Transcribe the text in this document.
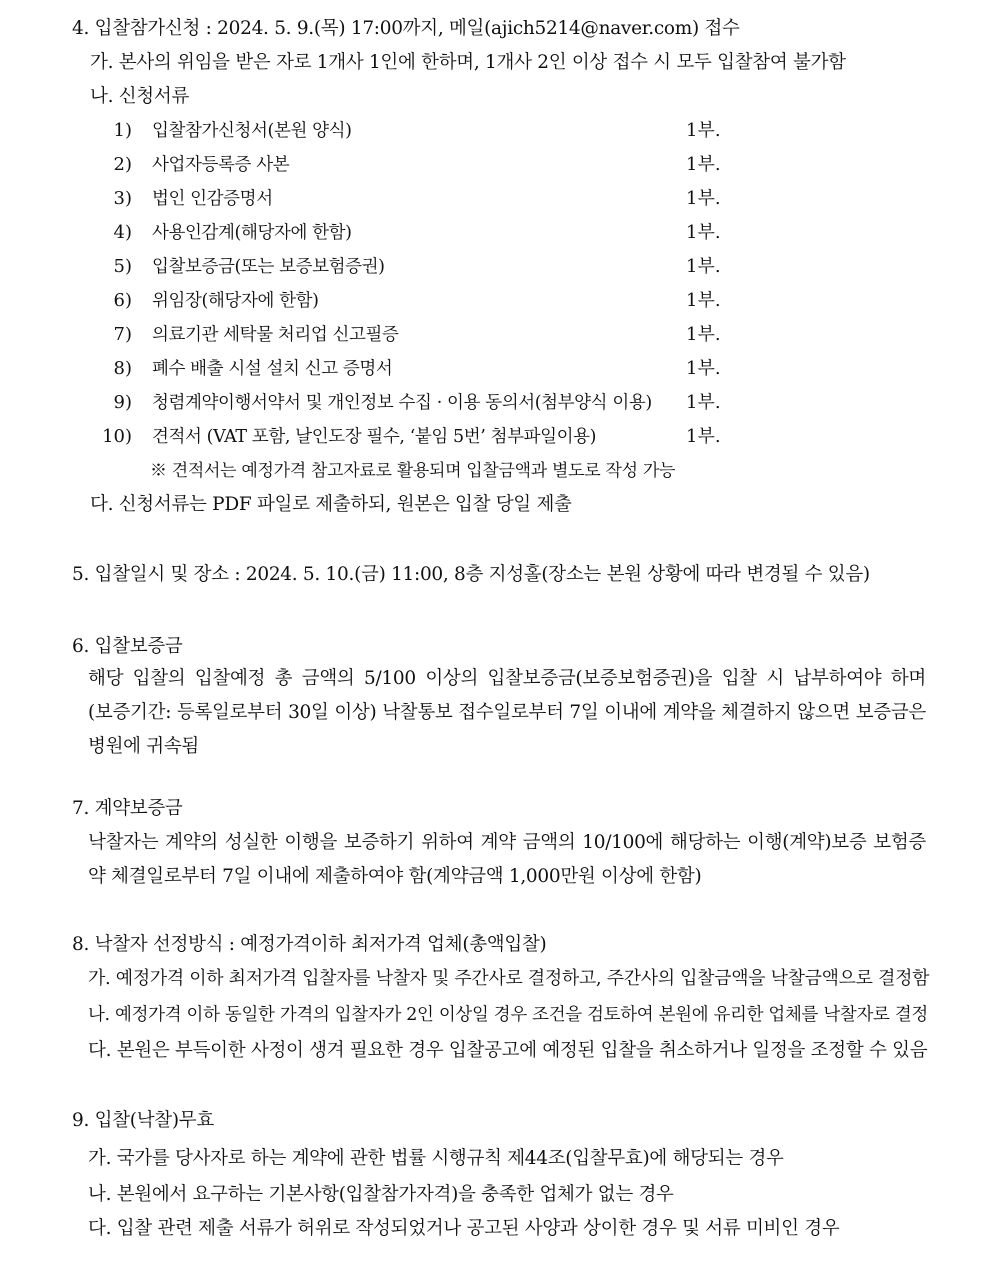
4. 입찰참가신청 : 2024. 5. 9.(목) 17:00까지, 메일(ajich5214@naver.com) 접수
가. 본사의 위임을 받은 자로 1개사 1인에 한하며, 1개사 2인 이상 접수 시 모두 입찰참여 불가함
나. 신청서류
1) 입찰참가신청서(본원 양식)	1부.
2) 사업자등록증 사본	1부.
3) 법인 인감증명서	1부.
4) 사용인감계(해당자에 한함)	1부.
5) 입찰보증금(또는 보증보험증권)	1부.
6) 위임장(해당자에 한함)	1부.
7) 의료기관 세탁물 처리업 신고필증	1부.
8) 폐수 배출 시설 설치 신고 증명서	1부.
9) 청렴계약이행서약서 및 개인정보 수집 · 이용 동의서(첨부양식 이용) 1부.
10) 견적서 (VAT 포함, 날인도장 필수, ‘붙임 5번’ 첨부파일이용)	1부.
※ 견적서는 예정가격 참고자료로 활용되며 입찰금액과 별도로 작성 가능
다. 신청서류는 PDF 파일로 제출하되, 원본은 입찰 당일 제출
5. 입찰일시 및 장소 : 2024. 5. 10.(금) 11:00, 8층 지성홀(장소는 본원 상황에 따라 변경될 수 있음)
6. 입찰보증금
해당 입찰의 입찰예정 총 금액의 5/100 이상의 입찰보증금(보증보험증권)을 입찰 시 납부하여야 하며
(보증기간: 등록일로부터 30일 이상) 낙찰통보 접수일로부터 7일 이내에 계약을 체결하지 않으면 보증금은
병원에 귀속됨
7. 계약보증금
낙찰자는 계약의 성실한 이행을 보증하기 위하여 계약 금액의 10/100에 해당하는 이행(계약)보증 보험증
약 체결일로부터 7일 이내에 제출하여야 함(계약금액 1,000만원 이상에 한함)
8. 낙찰자 선정방식 : 예정가격이하 최저가격 업체(총액입찰)
가. 예정가격 이하 최저가격 입찰자를 낙찰자 및 주간사로 결정하고, 주간사의 입찰금액을 낙찰금액으로 결정함
나. 예정가격 이하 동일한 가격의 입찰자가 2인 이상일 경우 조건을 검토하여 본원에 유리한 업체를 낙찰자로 결정
다. 본원은 부득이한 사정이 생겨 필요한 경우 입찰공고에 예정된 입찰을 취소하거나 일정을 조정할 수 있음
9. 입찰(낙찰)무효
가. 국가를 당사자로 하는 계약에 관한 법률 시행규칙 제44조(입찰무효)에 해당되는 경우
나. 본원에서 요구하는 기본사항(입찰참가자격)을 충족한 업체가 없는 경우
다. 입찰 관련 제출 서류가 허위로 작성되었거나 공고된 사양과 상이한 경우 및 서류 미비인 경우
